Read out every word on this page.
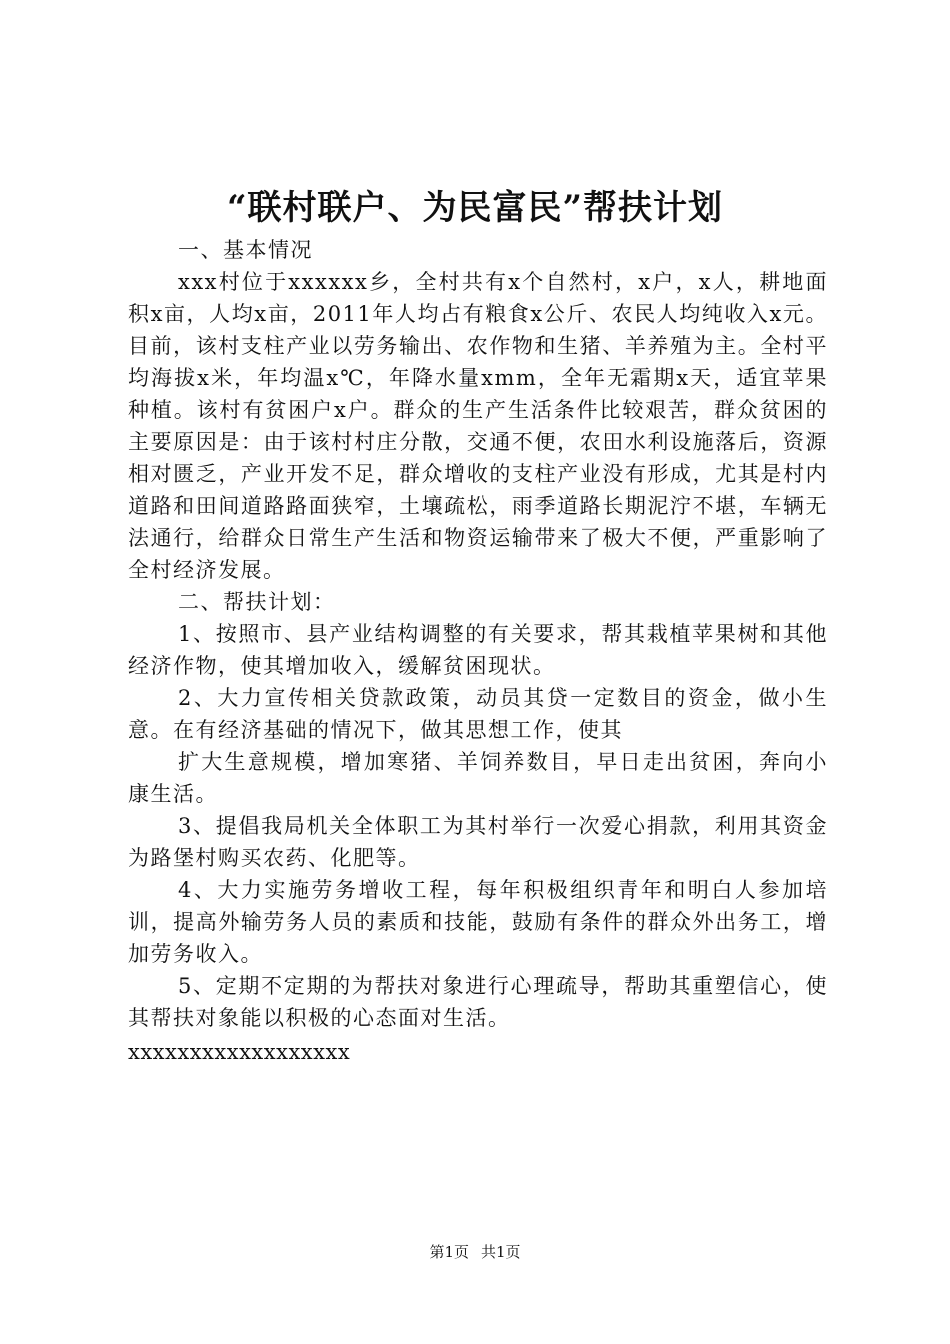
“联村联户、为民富民”帮扶计划

一、基本情况

xxx村位于xxxxxx乡，全村共有x个自然村，x户，x人，耕地面积x亩，人均x亩，2011年人均占有粮食x公斤、农民人均纯收入x元。目前，该村支柱产业以劳务输出、农作物和生猪、羊养殖为主。全村平均海拔x米，年均温x℃，年降水量xmm，全年无霜期x天，适宜苹果种植。该村有贫困户x户。群众的生产生活条件比较艰苦，群众贫困的主要原因是：由于该村村庄分散，交通不便，农田水利设施落后，资源相对匮乏，产业开发不足，群众增收的支柱产业没有形成，尤其是村内道路和田间道路路面狭窄，土壤疏松，雨季道路长期泥泞不堪，车辆无法通行，给群众日常生产生活和物资运输带来了极大不便，严重影响了全村经济发展。

二、帮扶计划：

1、按照市、县产业结构调整的有关要求，帮其栽植苹果树和其他经济作物，使其增加收入，缓解贫困现状。

2、大力宣传相关贷款政策，动员其贷一定数目的资金，做小生意。在有经济基础的情况下，做其思想工作，使其

扩大生意规模，增加寒猪、羊饲养数目，早日走出贫困，奔向小康生活。

3、提倡我局机关全体职工为其村举行一次爱心捐款，利用其资金为路堡村购买农药、化肥等。

4、大力实施劳务增收工程，每年积极组织青年和明白人参加培训，提高外输劳务人员的素质和技能，鼓励有条件的群众外出务工，增加劳务收入。

5、定期不定期的为帮扶对象进行心理疏导，帮助其重塑信心，使其帮扶对象能以积极的心态面对生活。

xxxxxxxxxxxxxxxxxx

第1页 共1页
